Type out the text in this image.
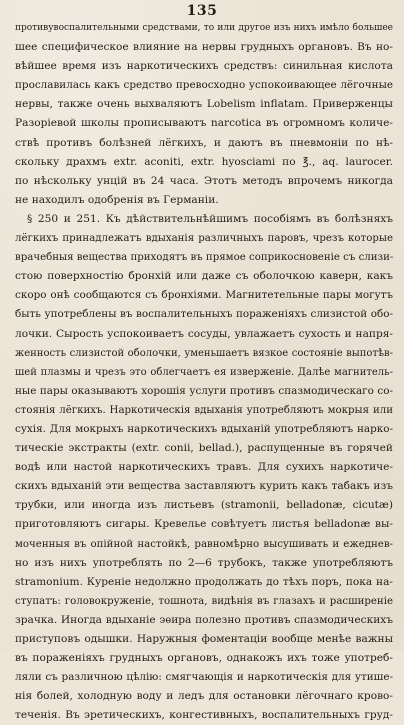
135
противувоспалительными средствами, то или другое изъ нихъ имѣло большее
шее специфическое влияние на нервы грудныхъ органовъ. Въ но-
вѣйшее время изъ наркотическихъ средствъ: синильная кислота
прославилась какъ средство превосходно успокоивающее лёгочные
нервы, также очень выхваляютъ Lobelism inflatam. Приверженцы
Разорiевой школы прописываютъ narcotica въ огромномъ количе-
ствѣ противъ болѣзней лёгкихъ, и даютъ въ пневмонiи по нѣ-
скольку драхмъ extr. aconiti, extr. hyosciami по ℥., aq. laurocer.
по нѣскольку унцiй въ 24 часа. Этотъ методъ впрочемъ никогда
не находилъ одобренiя въ Германiи.
§ 250 и 251. Къ дѣйствительнѣйшимъ пособiямъ въ болѣзняхъ
лёгкихъ принадлежатъ вдыханiя различныхъ паровъ, чрезъ которые
врачебныя вещества приходятъ въ прямое соприкосновенiе съ слизи-
стою поверхностiю бронхiй или даже съ оболочкою каверн, какъ
скоро онѣ сообщаются съ бронхiями. Магнитетельные пары могутъ
быть употреблены въ воспалительныхъ пораженiяхъ слизистой обо-
лочки. Сырость успокоиваетъ сосуды, увлажаетъ сухость и напря-
женность слизистой оболочки, уменьшаетъ вязкое состоянiе выпотѣв-
шей плазмы и чрезъ это облегчаетъ ея изверженiе. Далѣе магнитель-
ные пары оказываютъ хорошiя услуги противъ спазмодическаго со-
стоянiя лёгкихъ. Наркотическiя вдыханiя употребляютъ мокрыя или
сухiя. Для мокрыхъ наркотическихъ вдыханiй употребляютъ нарко-
тическiе экстракты (extr. conii, bellad.), распущенные въ горячей
водѣ или настой наркотическихъ травъ. Для сухихъ наркотиче-
скихъ вдыханiй эти вещества заставляютъ курить какъ табакъ изъ
трубки, или иногда изъ листьевъ (stramonii, belladonæ, cicutæ)
приготовляютъ сигары. Кревелье совѣтуетъ листья belladonæ вы-
моченныя въ опiйной настойкѣ, равномѣрно высушивать и ежеднев-
но изъ нихъ употреблять по 2—6 трубокъ, также употребляютъ
stramonium. Куренiе недолжно продолжать до тѣхъ поръ, пока на-
ступатъ: головокруженiе, тошнота, видѣнiя въ глазахъ и расширенiе
зрачка. Иногда вдыханiе эѳира полезно противъ спазмодическихъ
приступовъ одышки. Наружныя фоментацiи вообще менѣе важны
въ пораженiяхъ грудныхъ органовъ, однакожъ ихъ тоже употреб-
ляли съ различною цѣлiю: смягчающiя и наркотическiя для утише-
нiя болей, холодную воду и ледъ для остановки лёгочнаго крово-
теченiя. Въ эретическихъ, конгестивныхъ, воспалительныхъ груд-
